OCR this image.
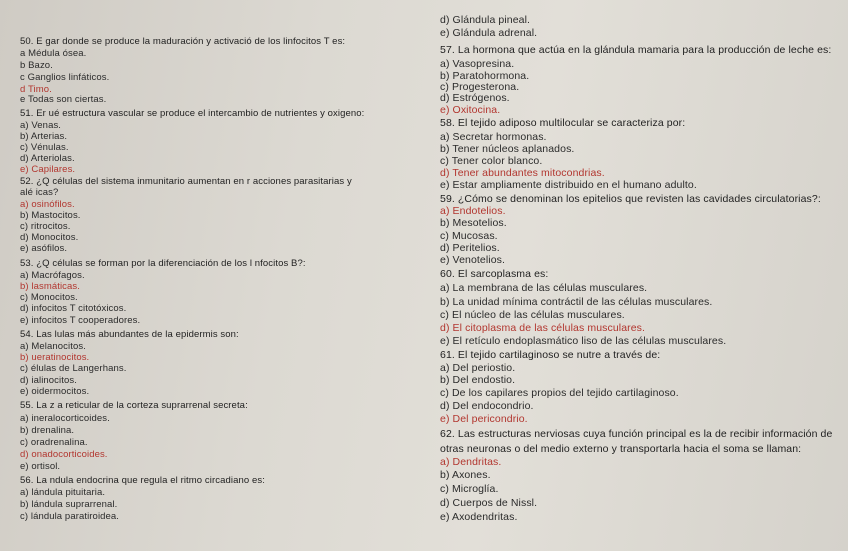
50. E gar donde se produce la maduración y activació de los linfocitos T es:
a Médula ósea.
b Bazo.
c Ganglios linfáticos.
d Timo.
e Todas son ciertas.
51. Er ué estructura vascular se produce el intercambio de nutrientes y oxigeno:
a) Venas.
b) Arterias.
c) Vénulas.
d) Arteriolas.
e) Capilares.
52. ¿Q células del sistema inmunitario aumentan en r acciones parasitarias y
alé icas?
a) osinófilos.
b) Mastocitos.
c) ritrocitos.
d) Monocitos.
e) asófilos.
53. ¿Q células se forman por la diferenciación de los l nfocitos B?:
a) Macrófagos.
b) lasmáticas.
c) Monocitos.
d) infocitos T citotóxicos.
e) infocitos T cooperadores.
54. Las lulas más abundantes de la epidermis son:
a) Melanocitos.
b) ueratinocitos.
c) élulas de Langerhans.
d) ialinocitos.
e) oidermocitos.
55. La z a reticular de la corteza suprarrenal secreta:
a) ineralocorticoides.
b) drenalina.
c) oradrenalina.
d) onadocorticoides.
e) ortisol.
56. La ndula endocrina que regula el ritmo circadiano es:
a) lándula pituitaria.
b) lándula suprarrenal.
c) lándula paratiroidea.
d) Glándula pineal.
e) Glándula adrenal.
57. La hormona que actúa en la glándula mamaria para la producción de leche es:
a) Vasopresina.
b) Paratohormona.
c) Progesterona.
d) Estrógenos.
e) Oxitocina.
58. El tejido adiposo multilocular se caracteriza por:
a) Secretar hormonas.
b) Tener núcleos aplanados.
c) Tener color blanco.
d) Tener abundantes mitocondrias.
e) Estar ampliamente distribuido en el humano adulto.
59. ¿Cómo se denominan los epitelios que revisten las cavidades circulatorias?:
a) Endotelios.
b) Mesotelios.
c) Mucosas.
d) Peritelios.
e) Venotelios.
60. El sarcoplasma es:
a) La membrana de las células musculares.
b) La unidad mínima contráctil de las células musculares.
c) El núcleo de las células musculares.
d) El citoplasma de las células musculares.
e) El retículo endoplasmático liso de las células musculares.
61. El tejido cartilaginoso se nutre a través de:
a) Del periostio.
b) Del endostio.
c) De los capilares propios del tejido cartilaginoso.
d) Del endocondrio.
e) Del pericondrio.
62. Las estructuras nerviosas cuya función principal es la de recibir información de
otras neuronas o del medio externo y transportarla hacia el soma se llaman:
a) Dendritas.
b) Axones.
c) Microglía.
d) Cuerpos de Nissl.
e) Axodendritas.
